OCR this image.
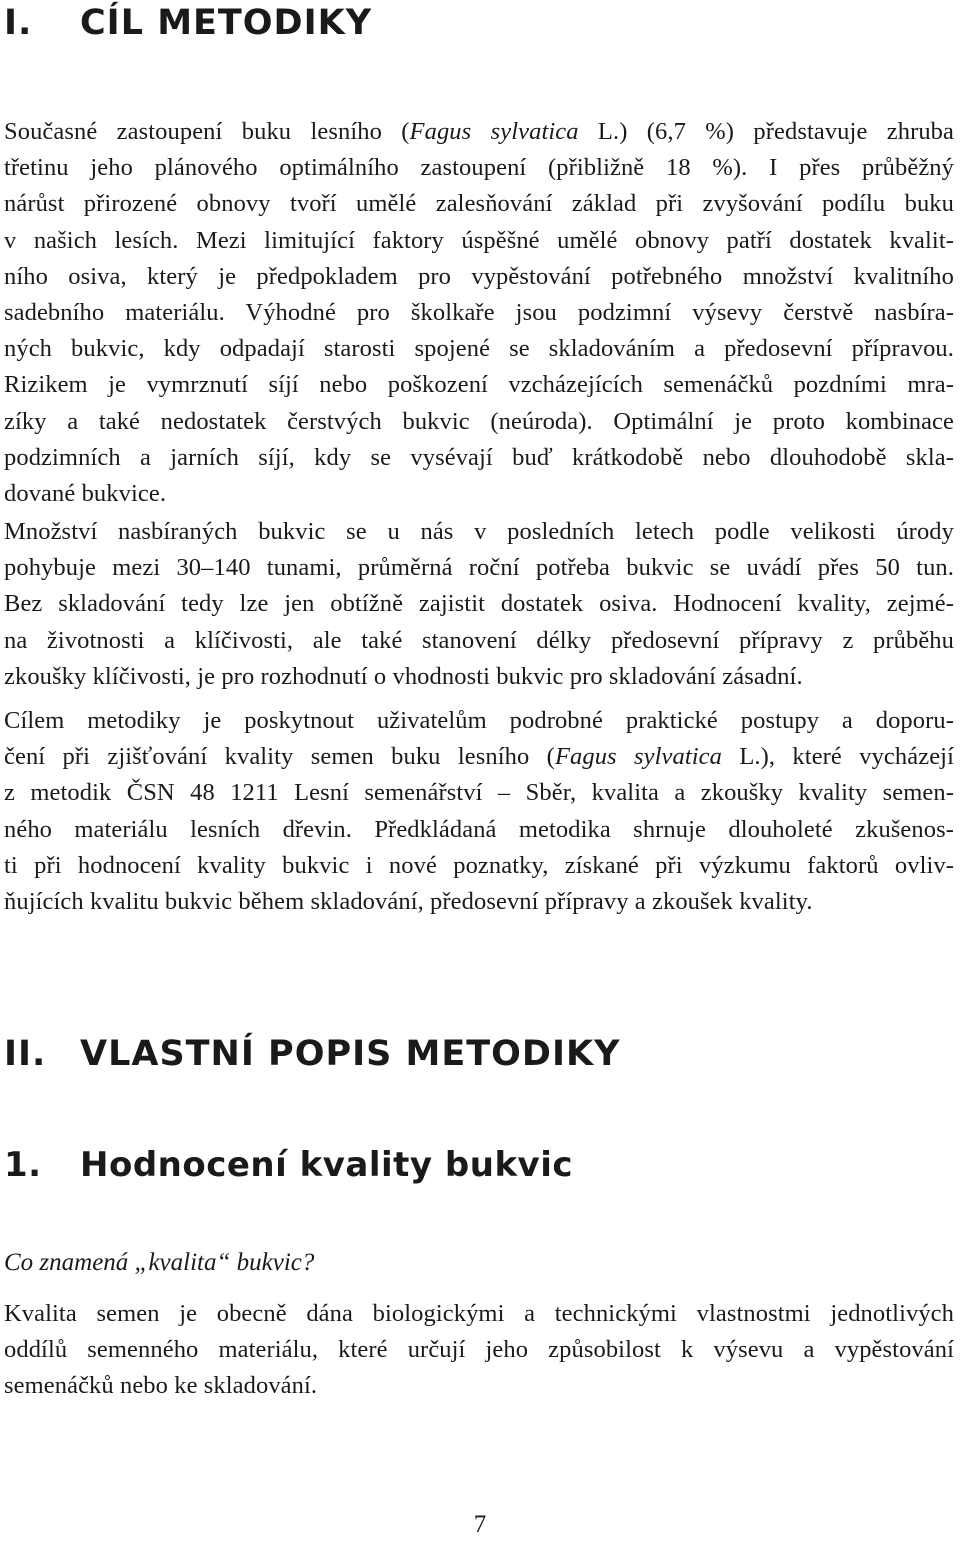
I. CÍL METODIKY
Současné zastoupení buku lesního (Fagus sylvatica L.) (6,7 %) představuje zhruba
třetinu jeho plánového optimálního zastoupení (přibližně 18 %). I přes průběžný
nárůst přirozené obnovy tvoří umělé zalesňování základ při zvyšování podílu buku
v našich lesích. Mezi limitující faktory úspěšné umělé obnovy patří dostatek kvalit-
ního osiva, který je předpokladem pro vypěstování potřebného množství kvalitního
sadebního materiálu. Výhodné pro školkaře jsou podzimní výsevy čerstvě nasbíra-
ných bukvic, kdy odpadají starosti spojené se skladováním a předosevní přípravou.
Rizikem je vymrznutí síjí nebo poškození vzcházejících semenáčků pozdními mra-
zíky a také nedostatek čerstvých bukvic (neúroda). Optimální je proto kombinace
podzimních a jarních síjí, kdy se vysévají buď krátkodobě nebo dlouhodobě skla-
dované bukvice.
Množství nasbíraných bukvic se u nás v posledních letech podle velikosti úrody
pohybuje mezi 30–140 tunami, průměrná roční potřeba bukvic se uvádí přes 50 tun.
Bez skladování tedy lze jen obtížně zajistit dostatek osiva. Hodnocení kvality, zejmé-
na životnosti a klíčivosti, ale také stanovení délky předosevní přípravy z průběhu
zkoušky klíčivosti, je pro rozhodnutí o vhodnosti bukvic pro skladování zásadní.
Cílem metodiky je poskytnout uživatelům podrobné praktické postupy a doporu-
čení při zjišťování kvality semen buku lesního (Fagus sylvatica L.), které vycházejí
z metodik ČSN 48 1211 Lesní semenářství – Sběr, kvalita a zkoušky kvality semen-
ného materiálu lesních dřevin. Předkládaná metodika shrnuje dlouholeté zkušenos-
ti při hodnocení kvality bukvic i nové poznatky, získané při výzkumu faktorů ovliv-
ňujících kvalitu bukvic během skladování, předosevní přípravy a zkoušek kvality.
II. VLASTNÍ POPIS METODIKY
1. Hodnocení kvality bukvic

Co znamená „kvalita“ bukvic?

Kvalita semen je obecně dána biologickými a technickými vlastnostmi jednotlivých
oddílů semenného materiálu, které určují jeho způsobilost k výsevu a vypěstování
semenáčků nebo ke skladování.
7
